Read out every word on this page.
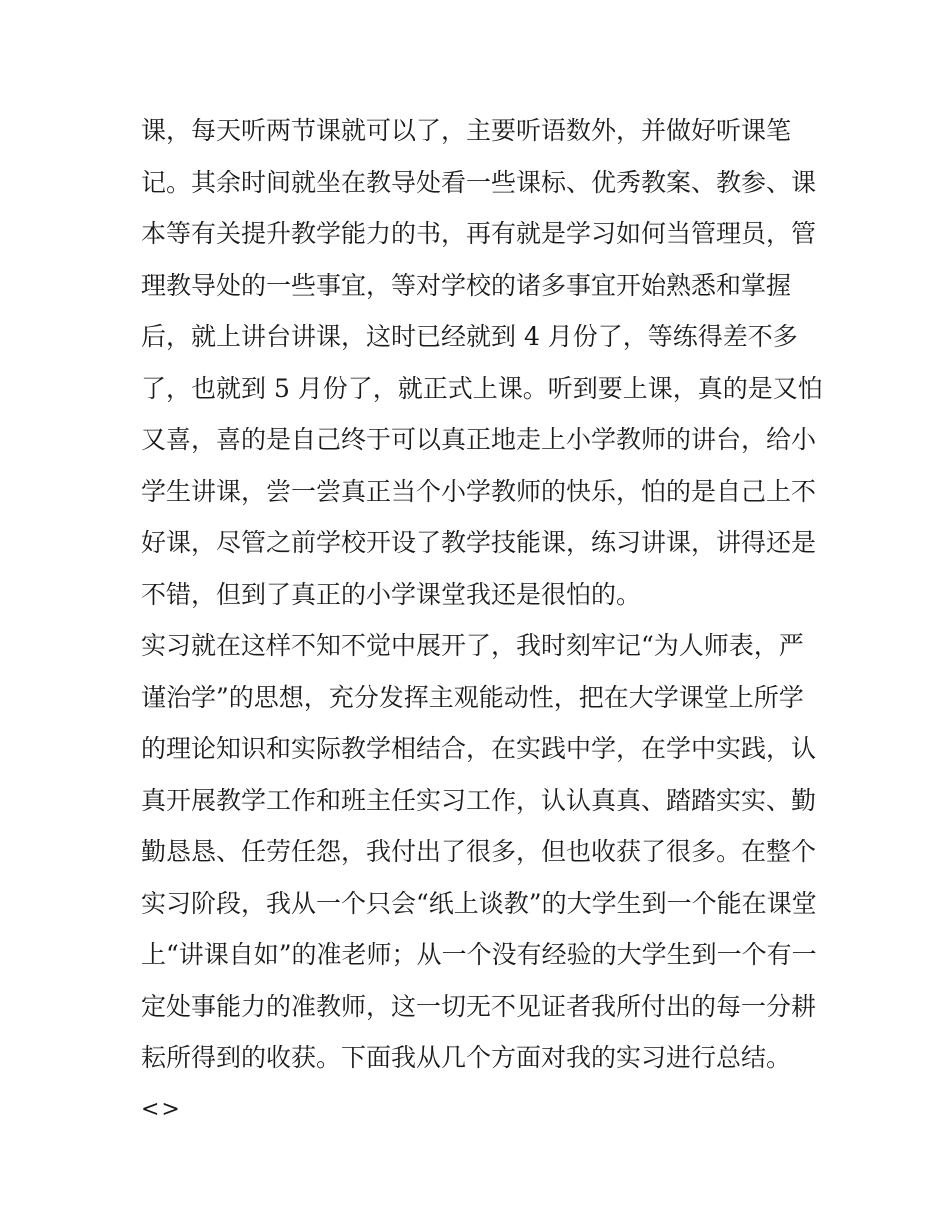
课，每天听两节课就可以了，主要听语数外，并做好听课笔
记。其余时间就坐在教导处看一些课标、优秀教案、教参、课
本等有关提升教学能力的书，再有就是学习如何当管理员，管
理教导处的一些事宜，等对学校的诸多事宜开始熟悉和掌握
后，就上讲台讲课，这时已经就到 4 月份了，等练得差不多
了，也就到 5 月份了，就正式上课。听到要上课，真的是又怕
又喜，喜的是自己终于可以真正地走上小学教师的讲台，给小
学生讲课，尝一尝真正当个小学教师的快乐，怕的是自己上不
好课，尽管之前学校开设了教学技能课，练习讲课，讲得还是
不错，但到了真正的小学课堂我还是很怕的。
实习就在这样不知不觉中展开了，我时刻牢记“为人师表，严
谨治学”的思想，充分发挥主观能动性，把在大学课堂上所学
的理论知识和实际教学相结合，在实践中学，在学中实践，认
真开展教学工作和班主任实习工作，认认真真、踏踏实实、勤
勤恳恳、任劳任怨，我付出了很多，但也收获了很多。在整个
实习阶段，我从一个只会“纸上谈教”的大学生到一个能在课堂
上“讲课自如”的准老师；从一个没有经验的大学生到一个有一
定处事能力的准教师，这一切无不见证者我所付出的每一分耕
耘所得到的收获。下面我从几个方面对我的实习进行总结。
<>
